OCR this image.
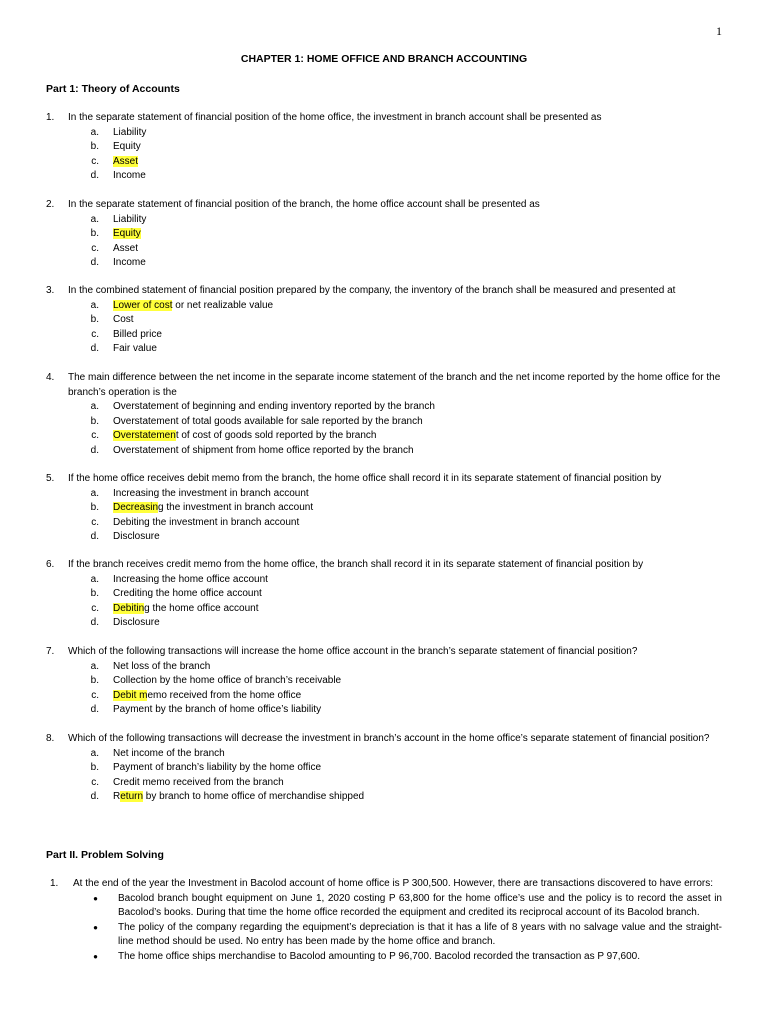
1
CHAPTER 1: HOME OFFICE AND BRANCH ACCOUNTING
Part 1: Theory of Accounts
1.	In the separate statement of financial position of the home office, the investment in branch account shall be presented as
a.	Liability
b.	Equity
c.	Asset
d.	Income
2.	In the separate statement of financial position of the branch, the home office account shall be presented as
a.	Liability
b.	Equity
c.	Asset
d.	Income
3.	In the combined statement of financial position prepared by the company, the inventory of the branch shall be measured and presented at
a.	Lower of cost or net realizable value
b.	Cost
c.	Billed price
d.	Fair value
4.	The main difference between the net income in the separate income statement of the branch and the net income reported by the home office for the branch’s operation is the
a.	Overstatement of beginning and ending inventory reported by the branch
b.	Overstatement of total goods available for sale reported by the branch
c.	Overstatement of cost of goods sold reported by the branch
d.	Overstatement of shipment from home office reported by the branch
5.	If the home office receives debit memo from the branch, the home office shall record it in its separate statement of financial position by
a.	Increasing the investment in branch account
b.	Decreasing the investment in branch account
c.	Debiting the investment in branch account
d.	Disclosure
6.	If the branch receives credit memo from the home office, the branch shall record it in its separate statement of financial position by
a.	Increasing the home office account
b.	Crediting the home office account
c.	Debiting the home office account
d.	Disclosure
7.	Which of the following transactions will increase the home office account in the branch’s separate statement of financial position?
a.	Net loss of the branch
b.	Collection by the home office of branch’s receivable
c.	Debit memo received from the home office
d.	Payment by the branch of home office’s liability
8.	Which of the following transactions will decrease the investment in branch’s account in the home office’s separate statement of financial position?
a.	Net income of the branch
b.	Payment of branch’s liability by the home office
c.	Credit memo received from the branch
d.	Return by branch to home office of merchandise shipped
Part II. Problem Solving
1.	At the end of the year the Investment in Bacolod account of home office is P 300,500. However, there are transactions discovered to have errors:
●	Bacolod branch bought equipment on June 1, 2020 costing P 63,800 for the home office’s use and the policy is to record the asset in Bacolod’s books. During that time the home office recorded the equipment and credited its reciprocal account of its Bacolod branch.
●	The policy of the company regarding the equipment’s depreciation is that it has a life of 8 years with no salvage value and the straight-line method should be used. No entry has been made by the home office and branch.
●	The home office ships merchandise to Bacolod amounting to P 96,700. Bacolod recorded the transaction as P 97,600.
